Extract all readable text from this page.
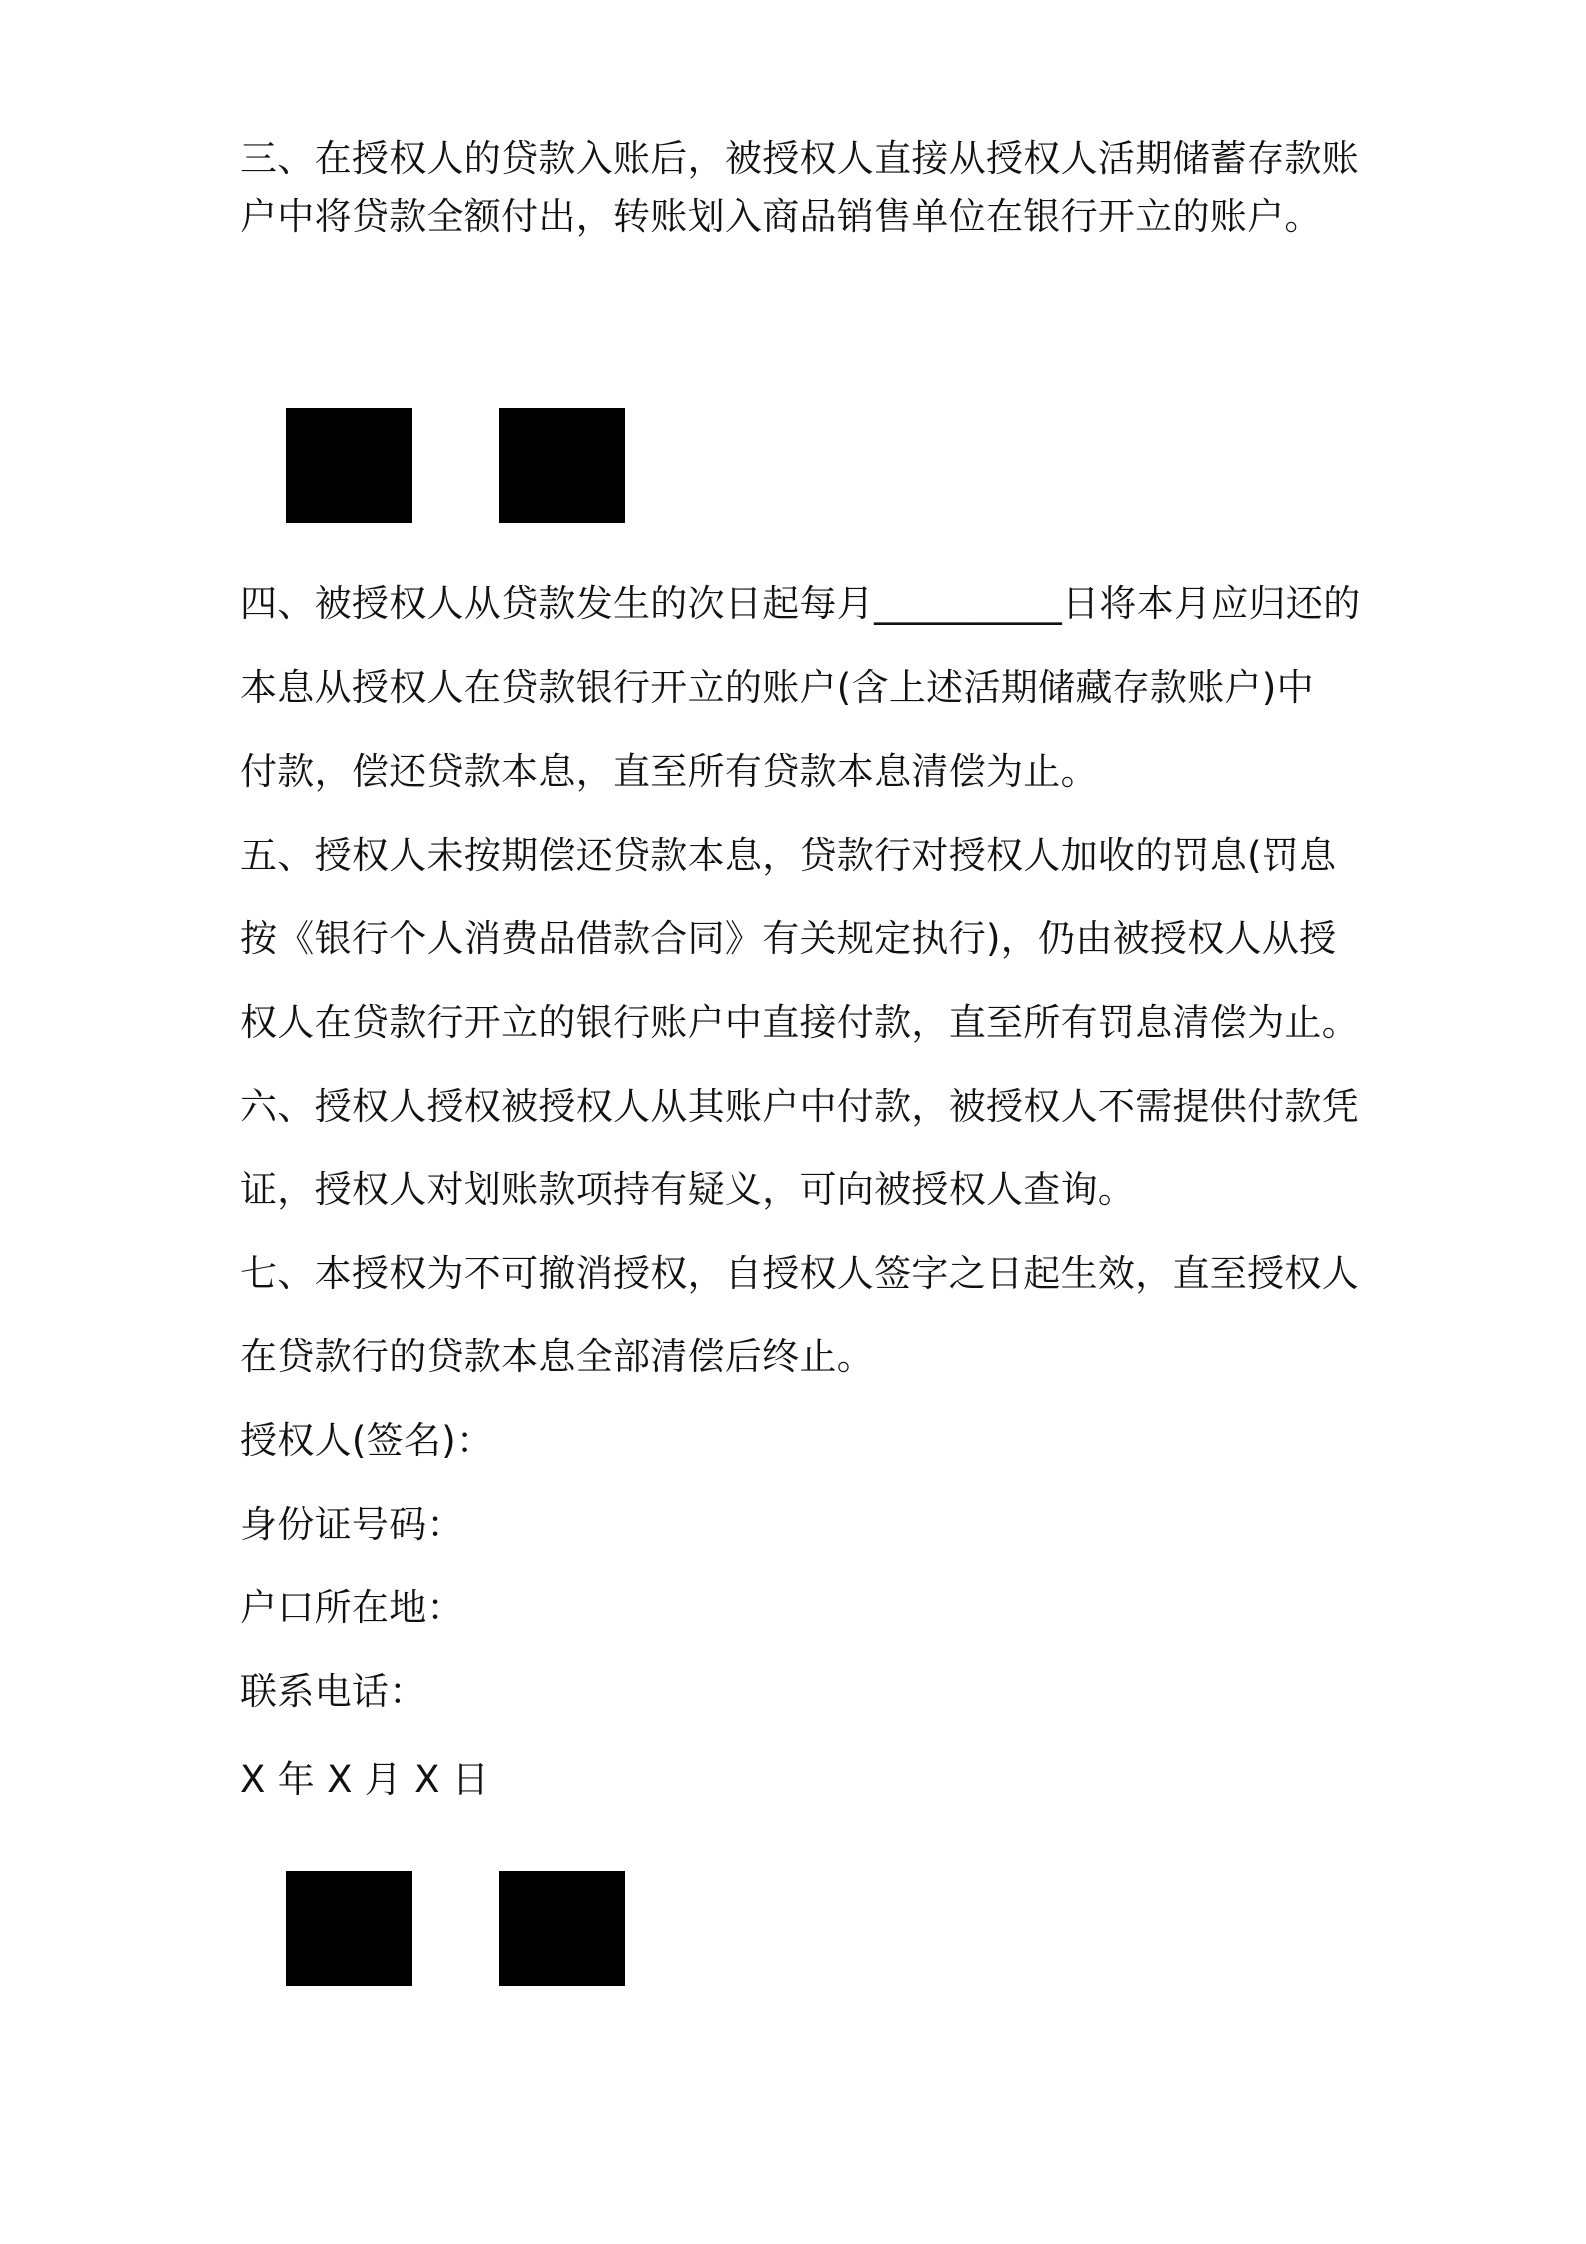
三、在授权人的贷款入账后，被授权人直接从授权人活期储蓄存款账
户中将贷款全额付出，转账划入商品销售单位在银行开立的账户。
四、被授权人从贷款发生的次日起每月__________日将本月应归还的
本息从授权人在贷款银行开立的账户(含上述活期储藏存款账户)中
付款，偿还贷款本息，直至所有贷款本息清偿为止。
五、授权人未按期偿还贷款本息，贷款行对授权人加收的罚息(罚息
按《银行个人消费品借款合同》有关规定执行)，仍由被授权人从授
权人在贷款行开立的银行账户中直接付款，直至所有罚息清偿为止。
六、授权人授权被授权人从其账户中付款，被授权人不需提供付款凭
证，授权人对划账款项持有疑义，可向被授权人查询。
七、本授权为不可撤消授权，自授权人签字之日起生效，直至授权人
在贷款行的贷款本息全部清偿后终止。
授权人(签名)：
身份证号码：
户口所在地：
联系电话：
X 年 X 月 X 日
